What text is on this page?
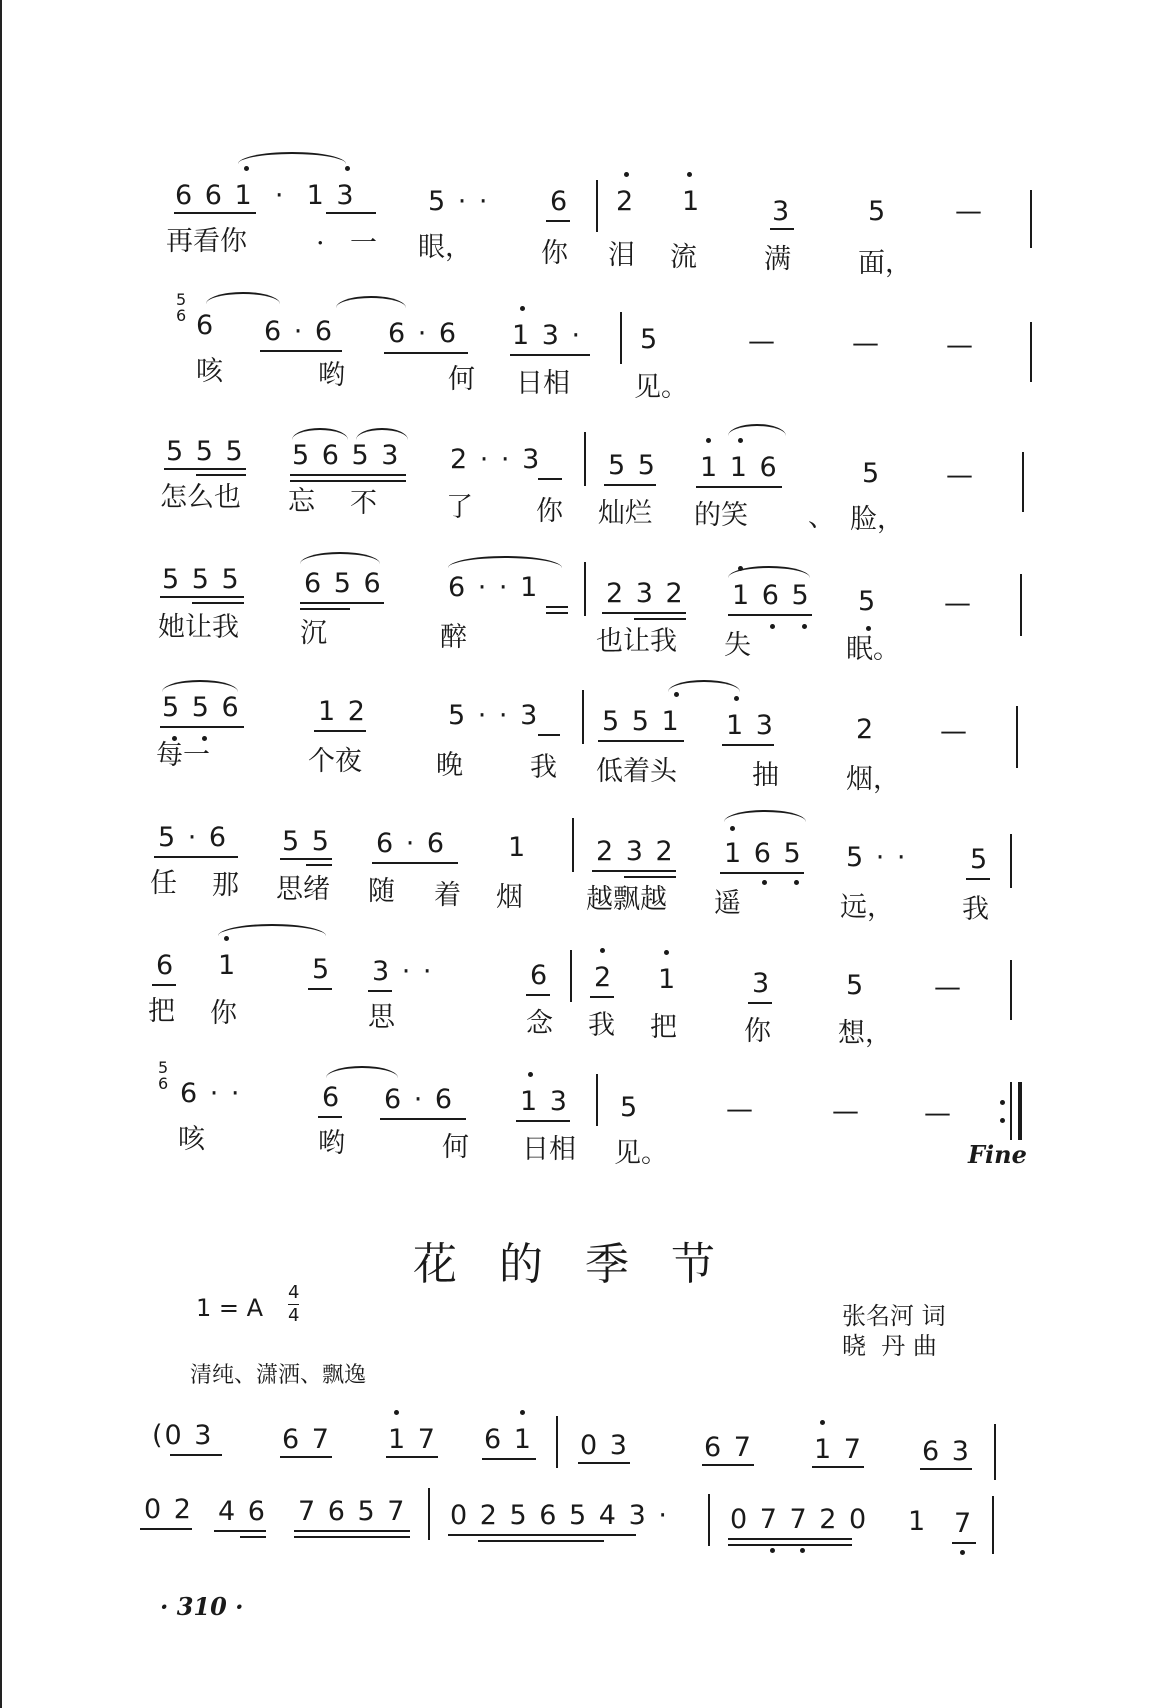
6 6 1  ·  1 3	5 · · 6 2 1	3	5	—
再看你	· 一 眼，	你 泪 流 满 面，
5
6 6 6 · 6 6 · 6 1 3 · 5	—	— —
咳	哟	何 日相 见。
5 5 5 5 6 5 3 2 · · 3 5 5 1 1 6	5 —
怎么也 忘 不	了 你 灿烂 的笑 、 脸，
5 5 5 6 5 6 6 · · 1 2 3 2 1 6 5 5 —
她让我 沉	醉	也让我 失	眠。
5 5 6	1 2	5 · · 3 5 5 1 1 3	2 —
每一	个夜	晚 我 低着头	抽 烟，
5 · 6 5 5 6 · 6 1	2 3 2 1 6 5 5 · · 5
任 那 思绪 随 着 烟 越飘越 遥	远，	我
6 1	5 3 · ·	6 2 1	3	5	—
把 你	思	念 我 把 你 想，
5
6 6 · ·	6 6 · 6 1 3 5	—	— —
咳	哟	何 日相 见。	Fine
花的季节
1 = A
4
4	张名河 词
晓  丹 曲
清纯、潇洒、飘逸
(0 3	6 7 1 7 6 1 0 3	6 7 1 7 6 3
0 2 4 6 7 6 5 7 0 2 5 6 5 4 3 · 0 7 7 2 0 1 7
· 310 ·
